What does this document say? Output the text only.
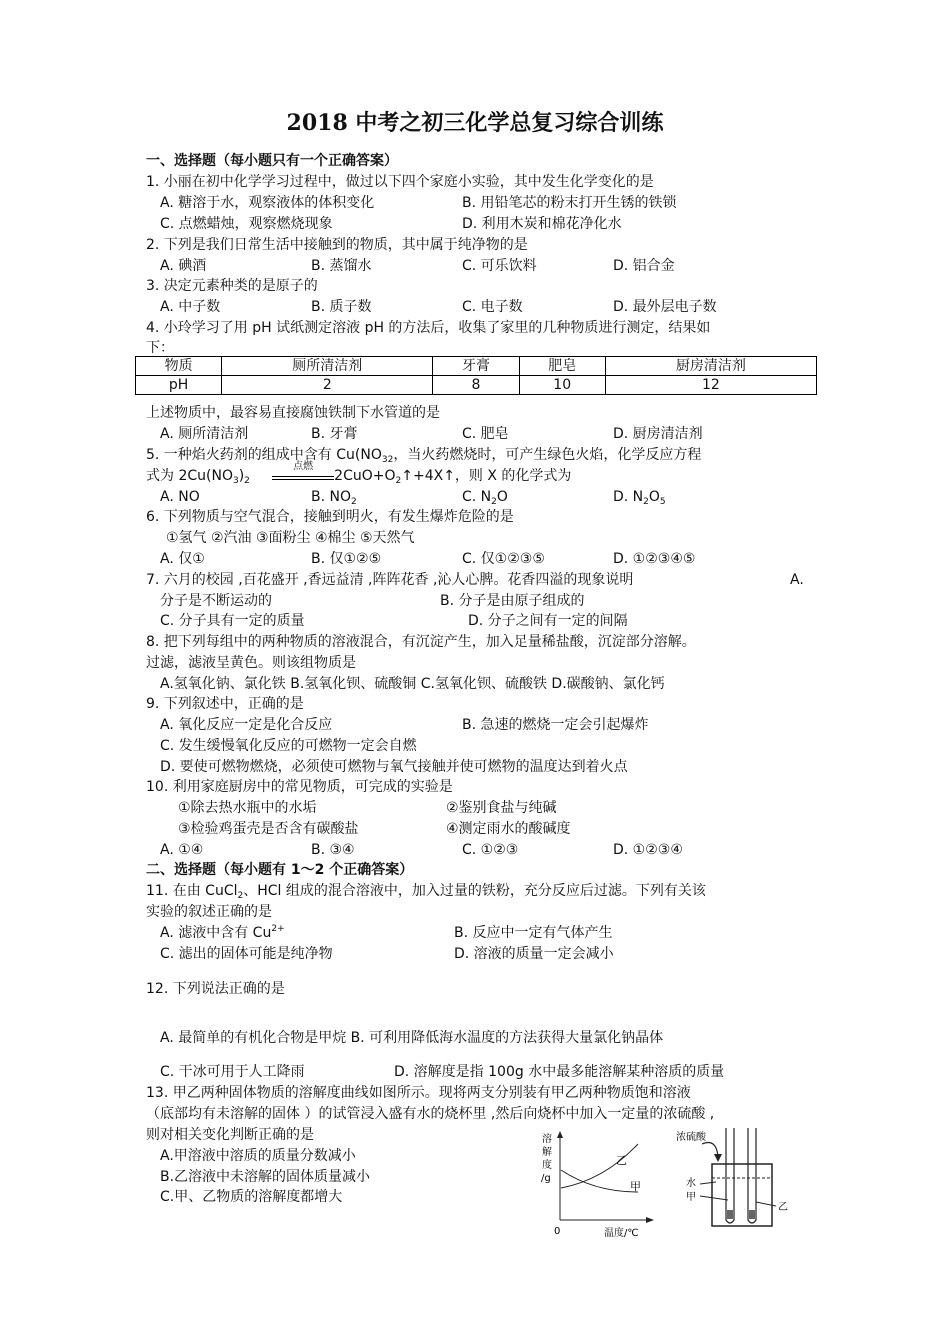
2018 中考之初三化学总复习综合训练
一、选择题（每小题只有一个正确答案）
1. 小丽在初中化学学习过程中，做过以下四个家庭小实验，其中发生化学变化的是
A. 糖溶于水，观察液体的体积变化	B. 用铅笔芯的粉末打开生锈的铁锁
C. 点燃蜡烛，观察燃烧现象	D. 利用木炭和棉花净化水
2. 下列是我们日常生活中接触到的物质，其中属于纯净物的是
A. 碘酒	B. 蒸馏水	C. 可乐饮料	D. 铝合金
3. 决定元素种类的是原子的
A. 中子数	B. 质子数	C. 电子数	D. 最外层电子数
4. 小玲学习了用 pH 试纸测定溶液 pH 的方法后，收集了家里的几种物质进行测定，结果如
下：
物质	厕所清洁剂	牙膏	肥皂	厨房清洁剂
pH	2	8	10	12
上述物质中，最容易直接腐蚀铁制下水管道的是
A. 厕所清洁剂	B. 牙膏	C. 肥皂	D. 厨房清洁剂
5. 一种焰火药剂的组成中含有 $Cu(NO_{32}$，当火药燃烧时，可产生绿色火焰，化学反应方程
式为 $2Cu(NO_3)_2$
点燃
$2CuO+O_2↑+4X↑$，则 X 的化学式为
A. NO	B. $NO_2$	C. $N_2O$	D. $N_2O_5$
6. 下列物质与空气混合，接触到明火，有发生爆炸危险的是
①氢气 ②汽油 ③面粉尘 ④棉尘 ⑤天然气
A. 仅①	B. 仅①②⑤	C. 仅①②③⑤	D. ①②③④⑤
7. 六月的校园 ,百花盛开 ,香远益清 ,阵阵花香 ,沁人心脾。花香四溢的现象说明	A.
分子是不断运动的	B. 分子是由原子组成的
C. 分子具有一定的质量	D. 分子之间有一定的间隔
8. 把下列每组中的两种物质的溶液混合，有沉淀产生，加入足量稀盐酸，沉淀部分溶解。
过滤，滤液呈黄色。则该组物质是
A.氢氧化钠、氯化铁 B.氢氧化钡、硫酸铜 C.氢氧化钡、硫酸铁 D.碳酸钠、氯化钙
9. 下列叙述中，正确的是
A. 氧化反应一定是化合反应	B. 急速的燃烧一定会引起爆炸
C. 发生缓慢氧化反应的可燃物一定会自燃
D. 要使可燃物燃烧，必须使可燃物与氧气接触并使可燃物的温度达到着火点
10. 利用家庭厨房中的常见物质，可完成的实验是
①除去热水瓶中的水垢	②鉴别食盐与纯碱
③检验鸡蛋壳是否含有碳酸盐	④测定雨水的酸碱度
A. ①④	B. ③④	C. ①②③	D. ①②③④
二、选择题（每小题有 1～2 个正确答案）
11. 在由 CuCl$_2$、HCl 组成的混合溶液中，加入过量的铁粉，充分反应后过滤。下列有关该
实验的叙述正确的是
A. 滤液中含有 $Cu^{2+}$	B. 反应中一定有气体产生
C. 滤出的固体可能是纯净物	D. 溶液的质量一定会减小
12. 下列说法正确的是
A. 最简单的有机化合物是甲烷 B. 可利用降低海水温度的方法获得大量氯化钠晶体
C. 干冰可用于人工降雨	D. 溶解度是指 100g 水中最多能溶解某种溶质的质量
13. 甲乙两种固体物质的溶解度曲线如图所示。现将两支分别装有甲乙两种物质饱和溶液
（底部均有未溶解的固体 ）的试管浸入盛有水的烧杯里 ,然后向烧杯中加入一定量的浓硫酸 ,
则对相关变化判断正确的是
A.甲溶液中溶质的质量分数减小
B.乙溶液中未溶解的固体质量减小
C.甲、乙物质的溶解度都增大
溶
解
度
/g
乙
甲
0	温度/℃
浓硫酸
水
甲
乙
